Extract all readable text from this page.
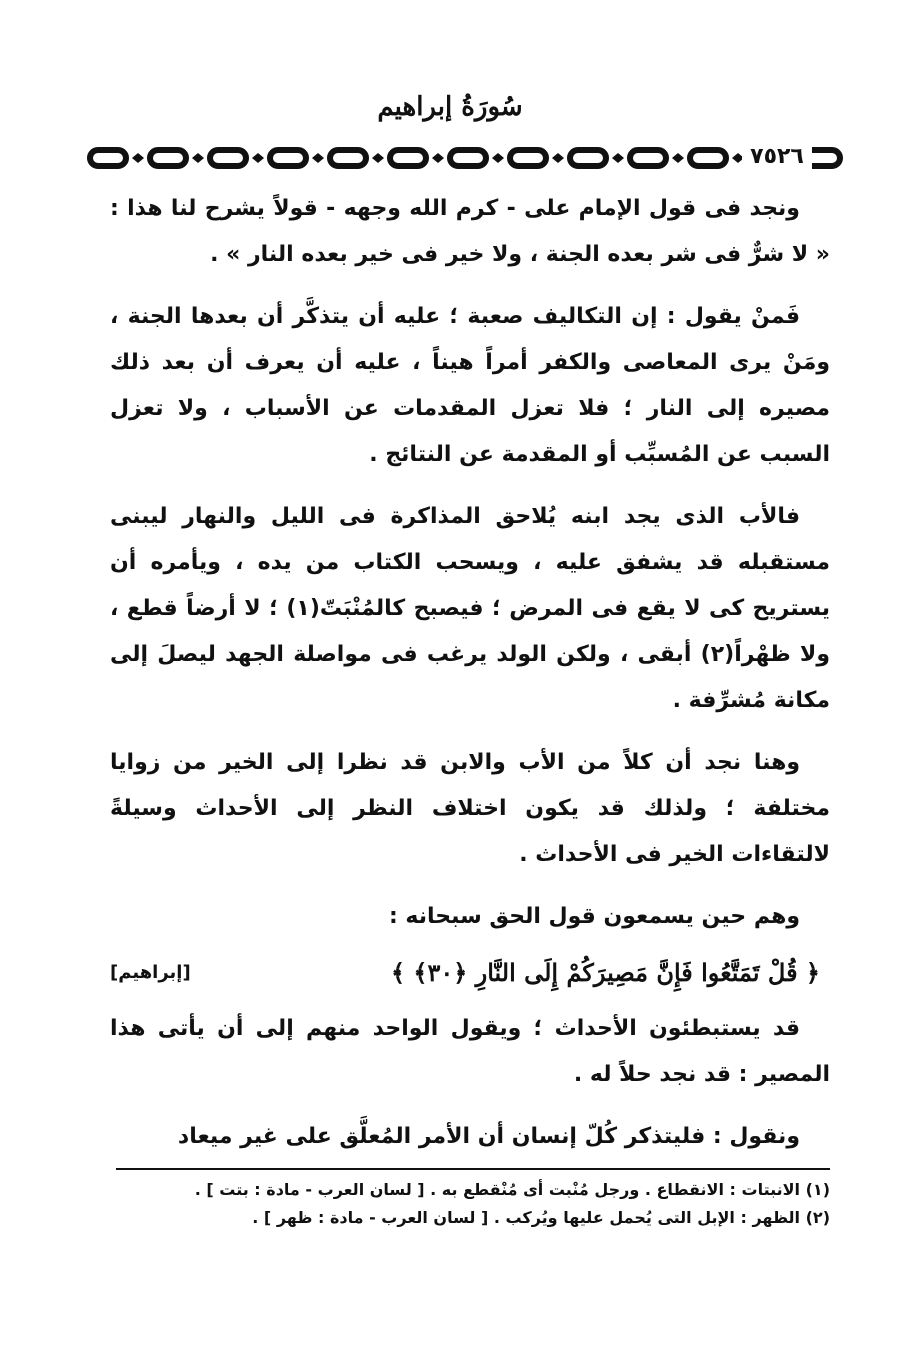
سُورَةُ إبراهيم
٧٥٢٦

ونجد فى قول الإمام على - كرم الله وجهه - قولاً يشرح لنا هذا : « لا شرٌّ فى شر بعده الجنة ، ولا خير فى خير بعده النار » .

فَمنْ يقول : إن التكاليف صعبة ؛ عليه أن يتذكَّر أن بعدها الجنة ، ومَنْ يرى المعاصى والكفر أمراً هيناً ، عليه أن يعرف أن بعد ذلك مصيره إلى النار ؛ فلا تعزل المقدمات عن الأسباب ، ولا تعزل السبب عن المُسبِّب أو المقدمة عن النتائج .

فالأب الذى يجد ابنه يُلاحق المذاكرة فى الليل والنهار ليبنى مستقبله قد يشفق عليه ، ويسحب الكتاب من يده ، ويأمره أن يستريح كى لا يقع فى المرض ؛ فيصبح كالمُنْبَتّ(١) ؛ لا أرضاً قطع ، ولا ظهْراً(٢) أبقى ، ولكن الولد يرغب فى مواصلة الجهد ليصلَ إلى مكانة مُشرِّفة .

وهنا نجد أن كلاً من الأب والابن قد نظرا إلى الخير من زوايا مختلفة ؛ ولذلك قد يكون اختلاف النظر إلى الأحداث وسيلةً لالتقاءات الخير فى الأحداث .

وهم حين يسمعون قول الحق سبحانه :

﴿ قُلْ تَمَتَّعُوا فَإِنَّ مَصِيرَكُمْ إِلَى النَّارِ ﴿٣٠﴾ ﴾
[إبراهيم]

قد يستبطئون الأحداث ؛ ويقول الواحد منهم إلى أن يأتى هذا المصير : قد نجد حلاً له .

ونقول : فليتذكر كُلّ إنسان أن الأمر المُعلَّق على غير ميعاد

(١) الانبتات : الانقطاع . ورجل مُنْبت أى مُنْقطع به . [ لسان العرب - مادة : بتت ] .
(٢) الظهر : الإبل التى يُحمل عليها ويُركب . [ لسان العرب - مادة : ظهر ] .
